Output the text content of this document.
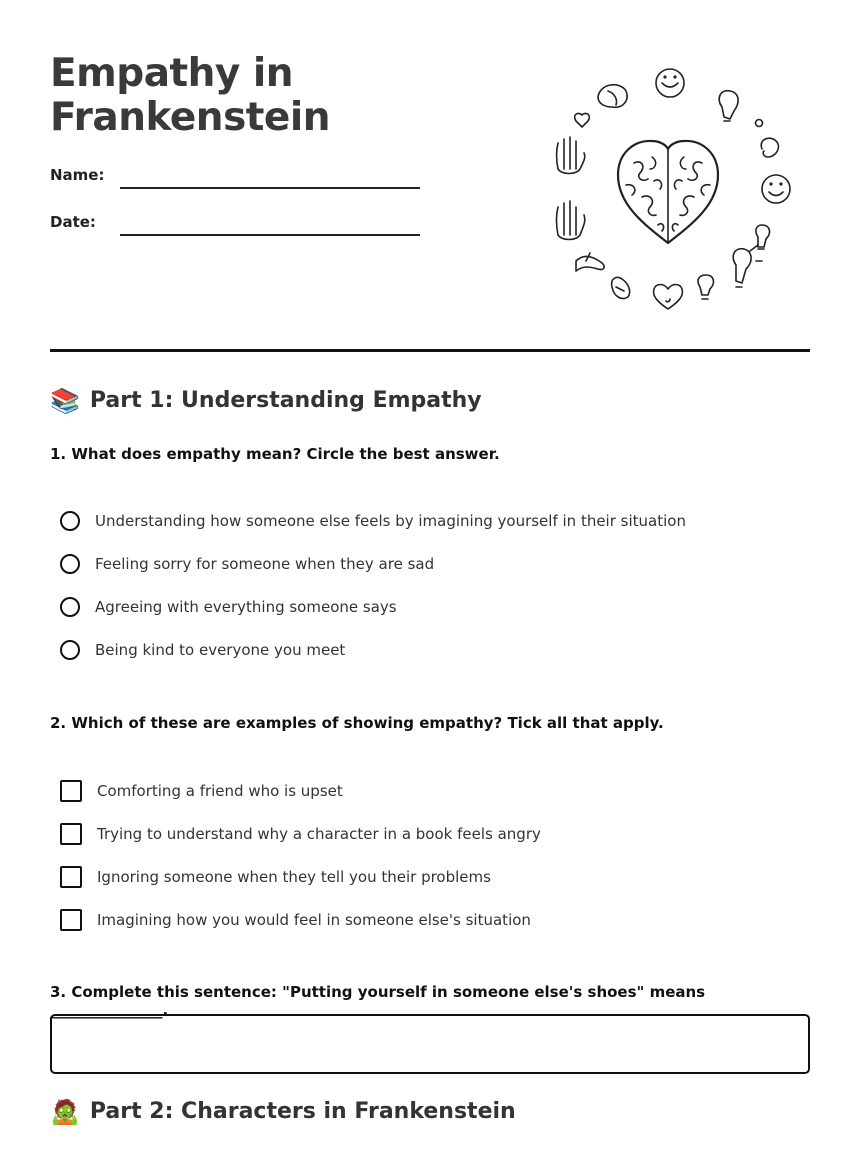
Empathy in Frankenstein
Name:
Date:
📚 Part 1: Understanding Empathy

1. What does empathy mean? Circle the best answer.

Understanding how someone else feels by imagining yourself in their situation
Feeling sorry for someone when they are sad
Agreeing with everything someone says
Being kind to everyone you meet

2. Which of these are examples of showing empathy? Tick all that apply.

Comforting a friend who is upset
Trying to understand why a character in a book feels angry
Ignoring someone when they tell you their problems
Imagining how you would feel in someone else's situation

3. Complete this sentence: "Putting yourself in someone else's shoes" means _______________.

🧟 Part 2: Characters in Frankenstein
